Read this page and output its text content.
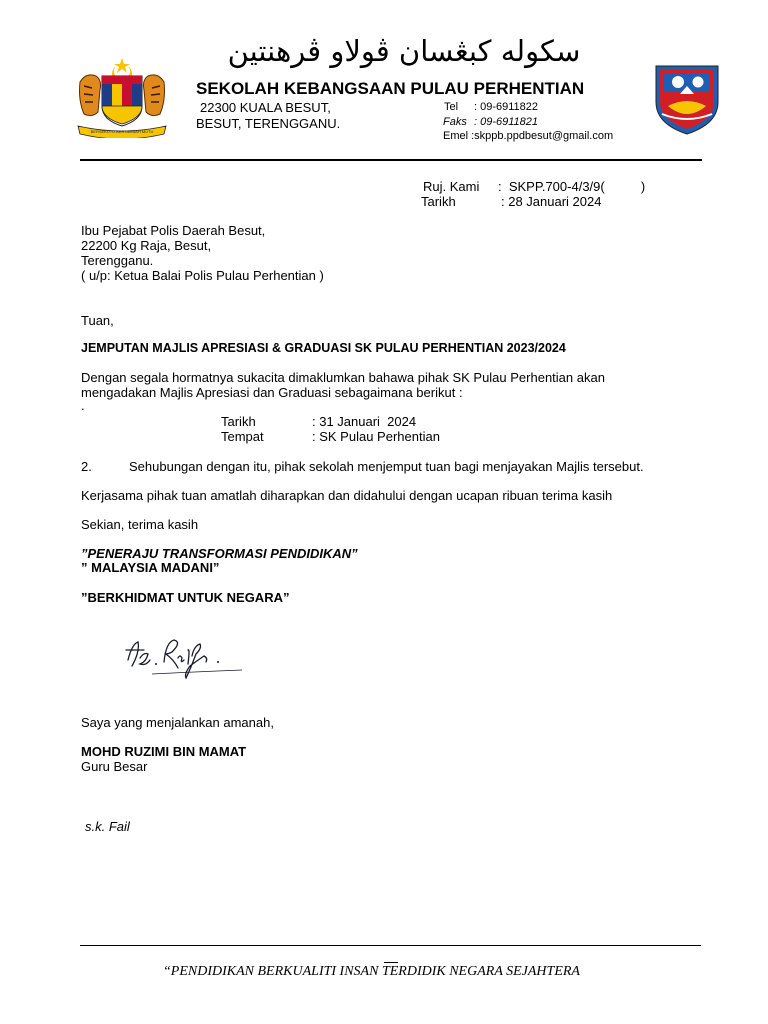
BERSEKUTU BERTAMBAH MUTU
سکوله کبڠسان ڤولاو ڤرهنتين
SEKOLAH KEBANGSAAN PULAU PERHENTIAN
22300 KUALA BESUT,
BESUT, TERENGGANU.
Tel : 09-6911822
Faks : 09-6911821
Emel :skppb.ppdbesut@gmail.com
Ruj. Kami :  SKPP.700-4/3/9(          )
Tarikh	: 28 Januari 2024
Ibu Pejabat Polis Daerah Besut,
22200 Kg Raja, Besut,
Terengganu.
( u/p: Ketua Balai Polis Pulau Perhentian )
Tuan,
JEMPUTAN MAJLIS APRESIASI & GRADUASI SK PULAU PERHENTIAN 2023/2024
Dengan segala hormatnya sukacita dimaklumkan bahawa pihak SK Pulau Perhentian akan
mengadakan Majlis Apresiasi dan Graduasi sebagaimana berikut :
.
Tarikh	: 31 Januari  2024
Tempat	: SK Pulau Perhentian
2.	Sehubungan dengan itu, pihak sekolah menjemput tuan bagi menjayakan Majlis tersebut.
Kerjasama pihak tuan amatlah diharapkan dan didahului dengan ucapan ribuan terima kasih
Sekian, terima kasih
”PENERAJU TRANSFORMASI PENDIDIKAN”
” MALAYSIA MADANI”
”BERKHIDMAT UNTUK NEGARA”
Saya yang menjalankan amanah,
MOHD RUZIMI BIN MAMAT
Guru Besar
s.k. Fail
“PENDIDIKAN BERKUALITI INSAN TERDIDIK NEGARA SEJAHTERA
